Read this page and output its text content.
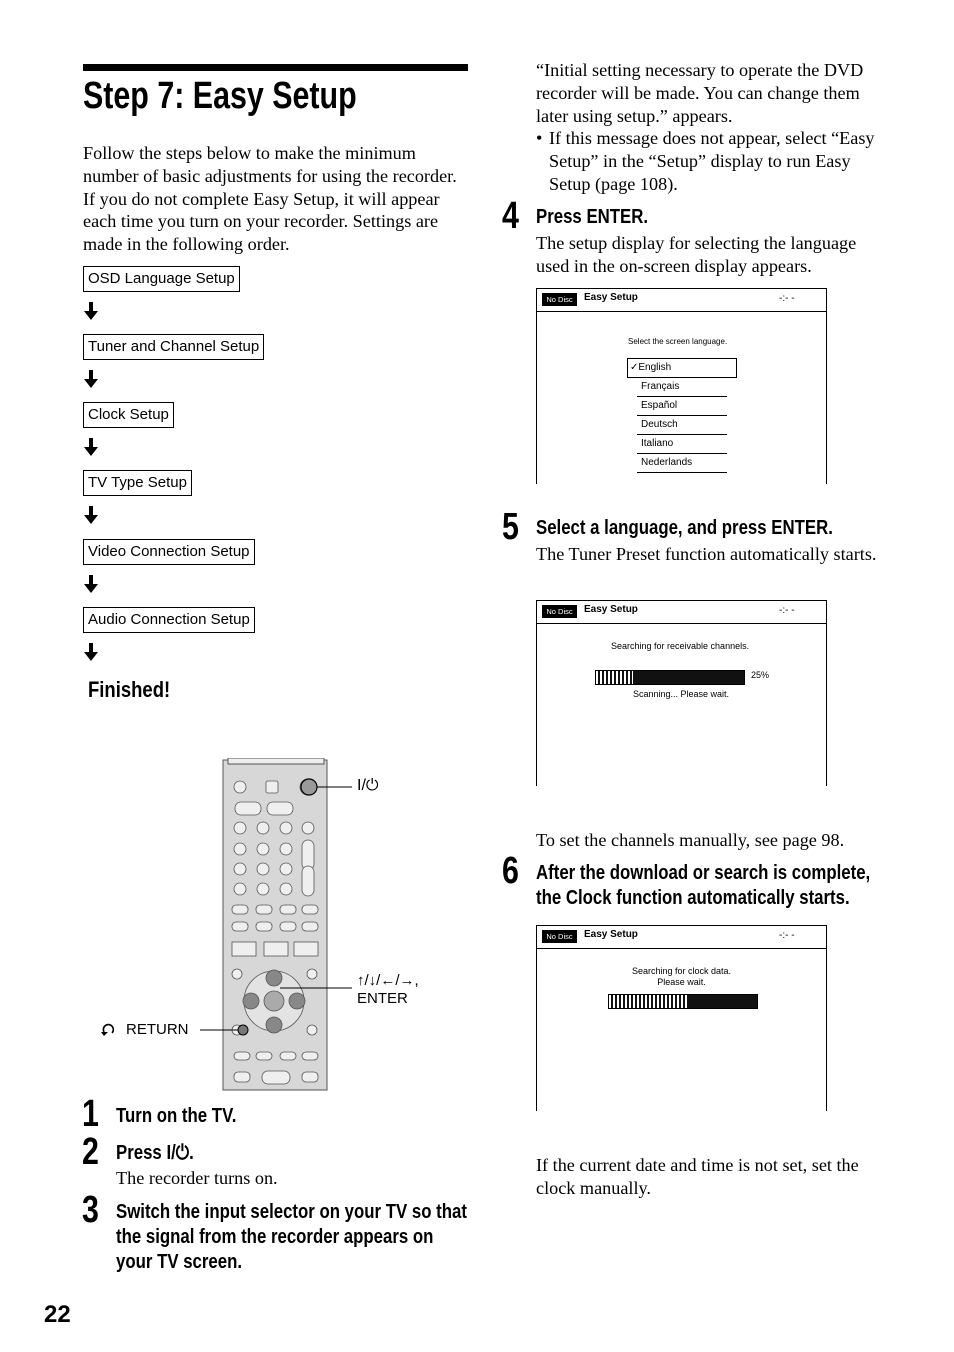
Step 7: Easy Setup
Follow the steps below to make the minimum number of basic adjustments for using the recorder. If you do not complete Easy Setup, it will appear each time you turn on your recorder. Settings are made in the following order.
OSD Language Setup
Tuner and Channel Setup
Clock Setup
TV Type Setup
Video Connection Setup
Audio Connection Setup
Finished!
I/⏻
↑/↓/←/→,
ENTER
RETURN
1 Turn on the TV.
2 Press I/⏻.
The recorder turns on.
3 Switch the input selector on your TV so that the signal from the recorder appears on your TV screen.
“Initial setting necessary to operate the DVD recorder will be made. You can change them later using setup.” appears.
• If this message does not appear, select “Easy Setup” in the “Setup” display to run Easy Setup (page 108).
4 Press ENTER.
The setup display for selecting the language used in the on-screen display appears.
No Disc	Easy Setup	-:- -
Select the screen language.
✓English
Français
Español
Deutsch
Italiano
Nederlands
5 Select a language, and press ENTER.
The Tuner Preset function automatically starts.
No Disc	Easy Setup	-:- -
Searching for receivable channels.
25%
Scanning... Please wait.
To set the channels manually, see page 98.
6 After the download or search is complete, the Clock function automatically starts.
No Disc	Easy Setup	-:- -
Searching for clock data.
Please wait.
If the current date and time is not set, set the clock manually.
22
